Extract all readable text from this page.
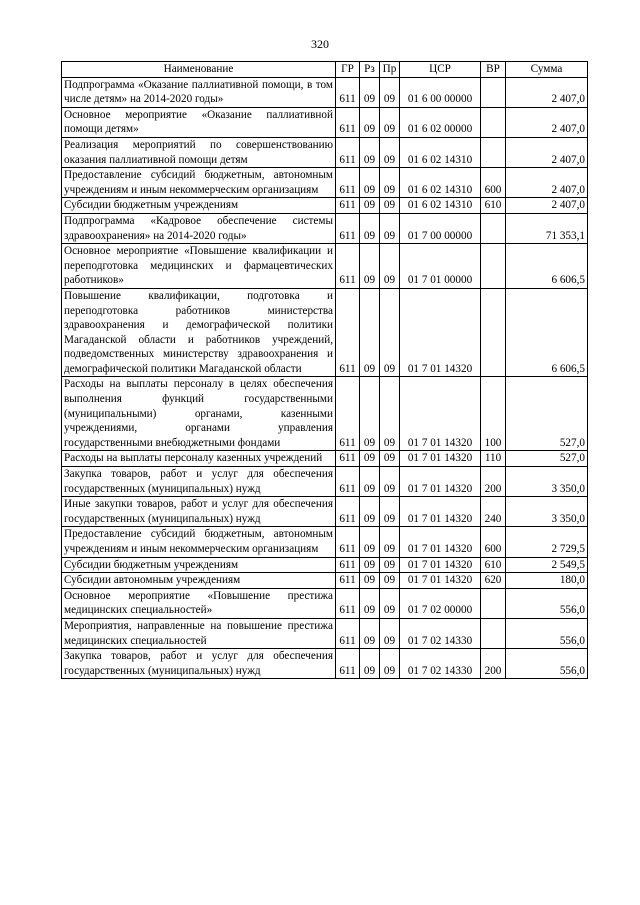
320
Наименование	ГР	Рз	Пр	ЦСР	ВР	Сумма
Подпрограмма «Оказание паллиативной помощи, в том числе детям» на 2014-2020 годы»	611	09	09	01 6 00 00000		2 407,0
Основное мероприятие «Оказание паллиативной помощи детям»	611	09	09	01 6 02 00000		2 407,0
Реализация мероприятий по совершенствованию оказания паллиативной помощи детям	611	09	09	01 6 02 14310		2 407,0
Предоставление субсидий бюджетным, автономным учреждениям и иным некоммерческим организациям	611	09	09	01 6 02 14310	600	2 407,0
Субсидии бюджетным учреждениям	611	09	09	01 6 02 14310	610	2 407,0
Подпрограмма «Кадровое обеспечение системы здравоохранения» на 2014-2020 годы»	611	09	09	01 7 00 00000		71 353,1
Основное мероприятие «Повышение квалификации и переподготовка медицинских и фармацевтических работников»	611	09	09	01 7 01 00000		6 606,5
Повышение квалификации, подготовка и переподготовка работников министерства здравоохранения и демографической политики Магаданской области и работников учреждений, подведомственных министерству здравоохранения и демографической политики Магаданской области	611	09	09	01 7 01 14320		6 606,5
Расходы на выплаты персоналу в целях обеспечения выполнения функций государственными (муниципальными) органами, казенными учреждениями, органами управления государственными внебюджетными фондами	611	09	09	01 7 01 14320	100	527,0
Расходы на выплаты персоналу казенных учреждений	611	09	09	01 7 01 14320	110	527,0
Закупка товаров, работ и услуг для обеспечения государственных (муниципальных) нужд	611	09	09	01 7 01 14320	200	3 350,0
Иные закупки товаров, работ и услуг для обеспечения государственных (муниципальных) нужд	611	09	09	01 7 01 14320	240	3 350,0
Предоставление субсидий бюджетным, автономным учреждениям и иным некоммерческим организациям	611	09	09	01 7 01 14320	600	2 729,5
Субсидии бюджетным учреждениям	611	09	09	01 7 01 14320	610	2 549,5
Субсидии автономным учреждениям	611	09	09	01 7 01 14320	620	180,0
Основное мероприятие «Повышение престижа медицинских специальностей»	611	09	09	01 7 02 00000		556,0
Мероприятия, направленные на повышение престижа медицинских специальностей	611	09	09	01 7 02 14330		556,0
Закупка товаров, работ и услуг для обеспечения государственных (муниципальных) нужд	611	09	09	01 7 02 14330	200	556,0
